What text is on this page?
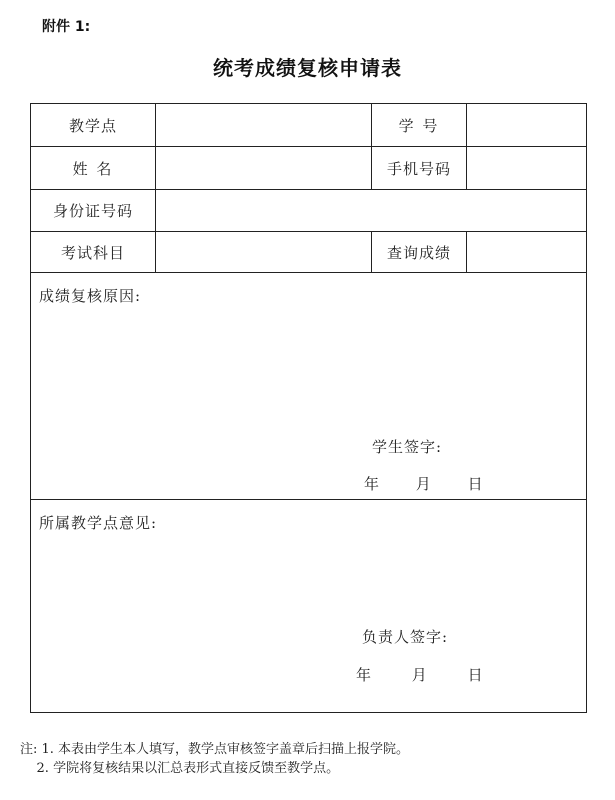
附件 1:
统考成绩复核申请表
教学点		学 号	
姓 名		手机号码	
身份证号码			
考试科目		查询成绩	

成绩复核原因:
学生签字:
年 月 日			

所属教学点意见:
负责人签字:
年 月 日			
注: 1. 本表由学生本人填写，教学点审核签字盖章后扫描上报学院。
2. 学院将复核结果以汇总表形式直接反馈至教学点。
